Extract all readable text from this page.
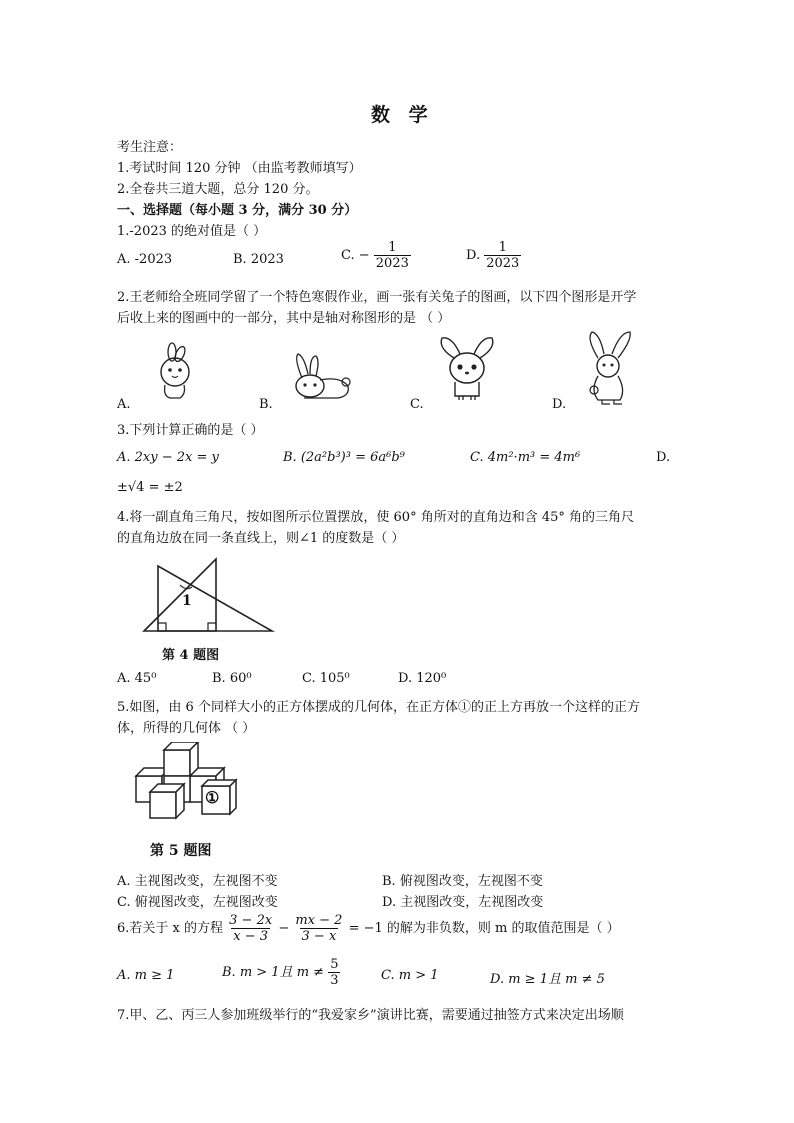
数 学
考生注意：
1.考试时间 120 分钟 （由监考教师填写）
2.全卷共三道大题，总分 120 分。
一、选择题（每小题 3 分，满分 30 分）
1.-2023 的绝对值是（ ）
A. -2023	B. 2023	C. − $\frac{1}{2023}$	D. $\frac{1}{2023}$
2.王老师给全班同学留了一个特色寒假作业，画一张有关兔子的图画，以下四个图形是开学
后收上来的图画中的一部分，其中是轴对称图形的是 （ ）
A.	B.	C.	D.
3.下列计算正确的是（ ）
A. 2xy − 2x = y	B. (2a²b³)³ = 6a⁶b⁹	C. 4m²·m³ = 4m⁶	D.
±√4 = ±2
4.将一副直角三角尺，按如图所示位置摆放，使 60° 角所对的直角边和含 45° 角的三角尺
的直角边放在同一条直线上，则∠1 的度数是（ ）
1
第 4 题图
A. 45⁰	B. 60⁰	C. 105⁰	D. 120⁰
5.如图，由 6 个同样大小的正方体摆成的几何体，在正方体①的正上方再放一个这样的正方
体，所得的几何体 （ ）
①
第 5 题图
A. 主视图改变，左视图不变	B. 俯视图改变，左视图不变
C. 俯视图改变，左视图改变	D. 主视图改变，左视图改变
6.若关于 x 的方程 $\frac{3 - 2x}{x - 3} - \frac{mx - 2}{3 - x} = -1$ 的解为非负数，则 m 的取值范围是（ ）
A. m ≥ 1	B. m > 1且 $m \ne \frac{5}{3}$	C. m > 1	D. m ≥ 1且 m ≠ 5
7.甲、乙、丙三人参加班级举行的“我爱家乡”演讲比赛，需要通过抽签方式来决定出场顺
